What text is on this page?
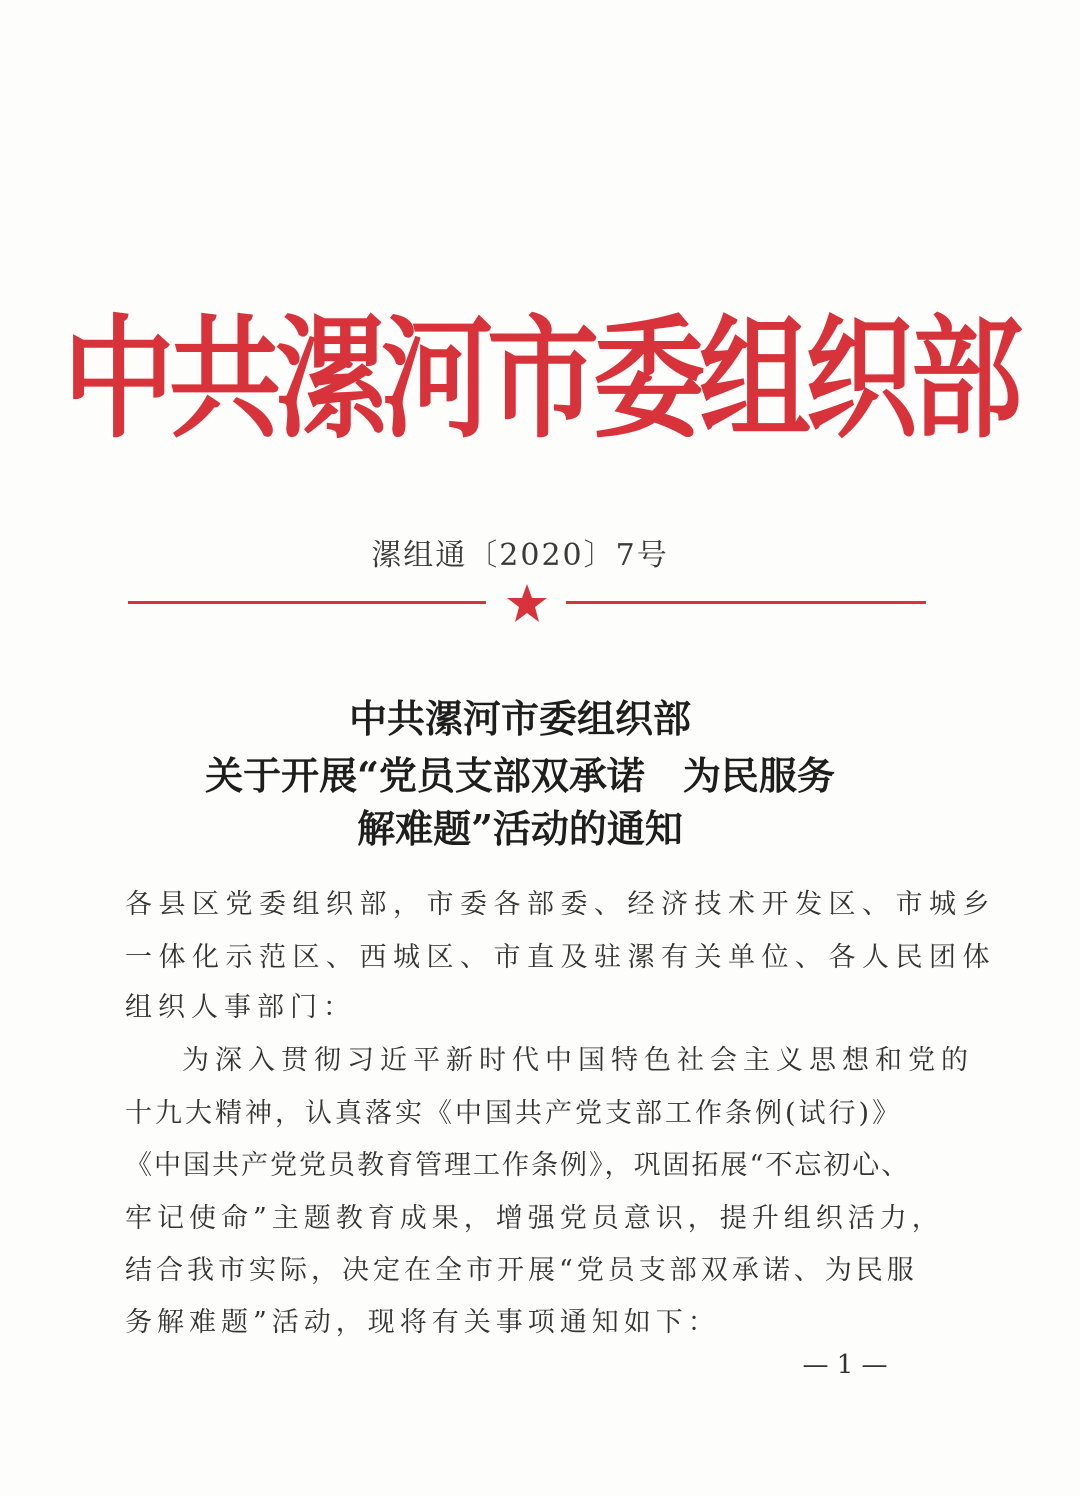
中共漯河市委组织部
漯组通〔2020〕7号
中共漯河市委组织部
关于开展“党员支部双承诺　为民服务
解难题”活动的通知
各县区党委组织部，市委各部委、经济技术开发区、市城乡
一体化示范区、西城区、市直及驻漯有关单位、各人民团体
组织人事部门：
为深入贯彻习近平新时代中国特色社会主义思想和党的
十九大精神，认真落实《中国共产党支部工作条例(试行)》
《中国共产党党员教育管理工作条例》，巩固拓展“不忘初心、
牢记使命”主题教育成果，增强党员意识，提升组织活力，
结合我市实际，决定在全市开展“党员支部双承诺、为民服
务解难题”活动，现将有关事项通知如下：
— 1 —
